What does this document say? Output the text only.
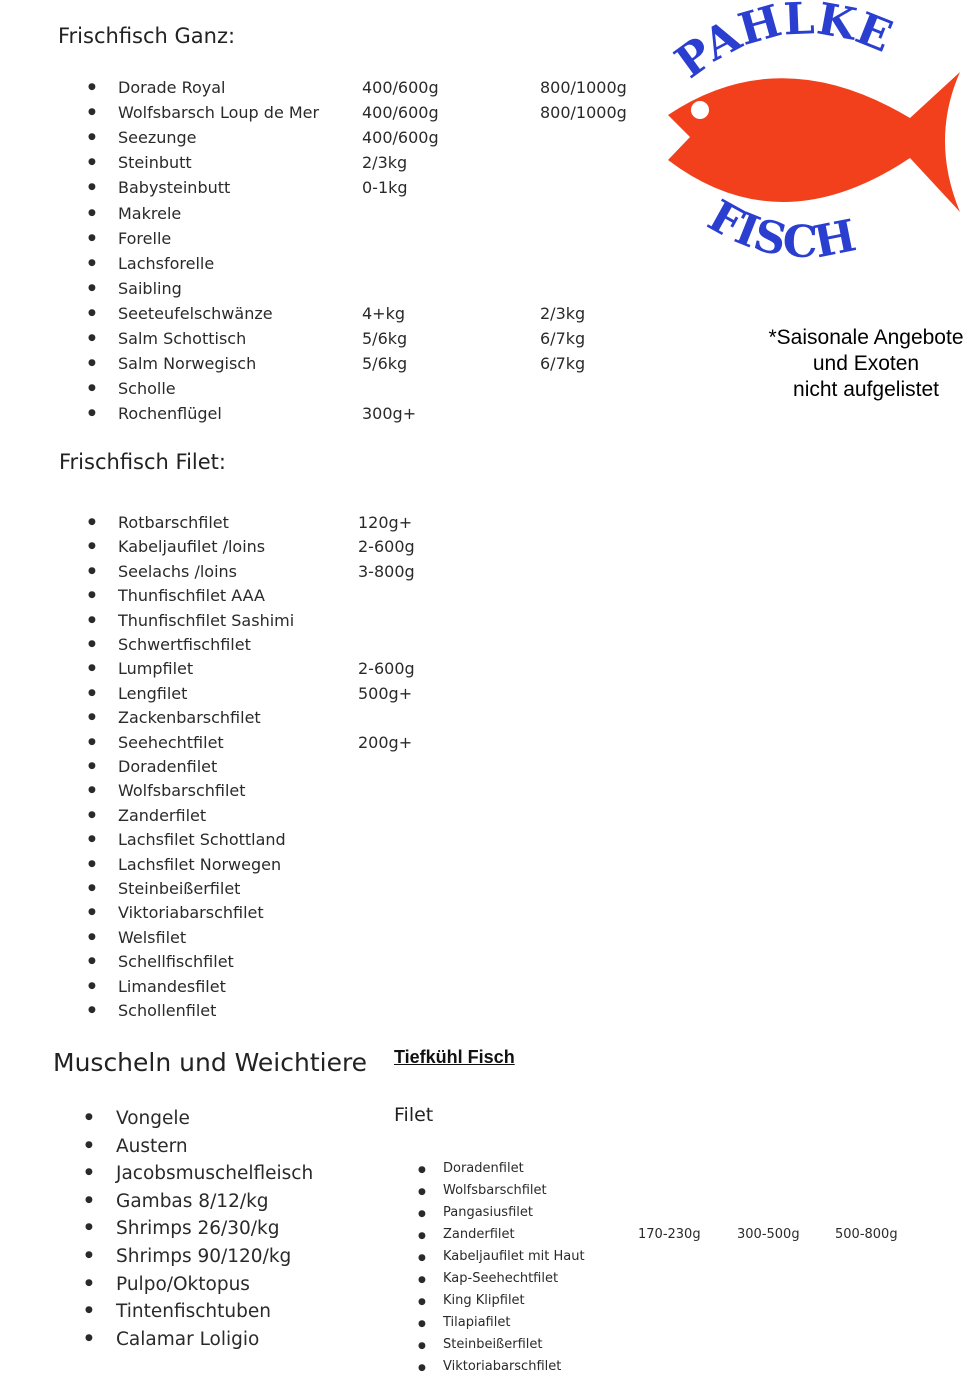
Frischfisch Ganz:
Frischfisch Filet:
Muscheln und Weichtiere Tiefkühl Fisch
Filet
*Saisonale Angebote
und Exoten
nicht aufgelistet
PAHLKE
FISCH
● Dorade Royal	400/600g	800/1000g
● Wolfsbarsch Loup de Mer	400/600g	800/1000g
● Seezunge	400/600g
● Steinbutt	2/3kg
● Babysteinbutt	0-1kg
● Makrele
● Forelle
● Lachsforelle
● Saibling
● Seeteufelschwänze	4+kg	2/3kg
● Salm Schottisch	5/6kg	6/7kg
● Salm Norwegisch	5/6kg	6/7kg
● Scholle
● Rochenflügel	300g+
● Rotbarschfilet	120g+
● Kabeljaufilet /loins	2-600g
● Seelachs /loins	3-800g
● Thunfischfilet AAA
● Thunfischfilet Sashimi
● Schwertfischfilet
● Lumpfilet	2-600g
● Lengfilet	500g+
● Zackenbarschfilet
● Seehechtfilet	200g+
● Doradenfilet
● Wolfsbarschfilet
● Zanderfilet
● Lachsfilet Schottland
● Lachsfilet Norwegen
● Steinbeißerfilet
● Viktoriabarschfilet
● Welsfilet
● Schellfischfilet
● Limandesfilet
● Schollenfilet
● Vongele
● Austern
● Jacobsmuschelfleisch
● Gambas 8/12/kg
● Shrimps 26/30/kg
● Shrimps 90/120/kg
● Pulpo/Oktopus
● Tintenfischtuben
● Calamar Loligio
● Doradenfilet
● Wolfsbarschfilet
● Pangasiusfilet
● Zanderfilet	170-230g	300-500g	500-800g
● Kabeljaufilet mit Haut
● Kap-Seehechtfilet
● King Klipfilet
● Tilapiafilet
● Steinbeißerfilet
● Viktoriabarschfilet
